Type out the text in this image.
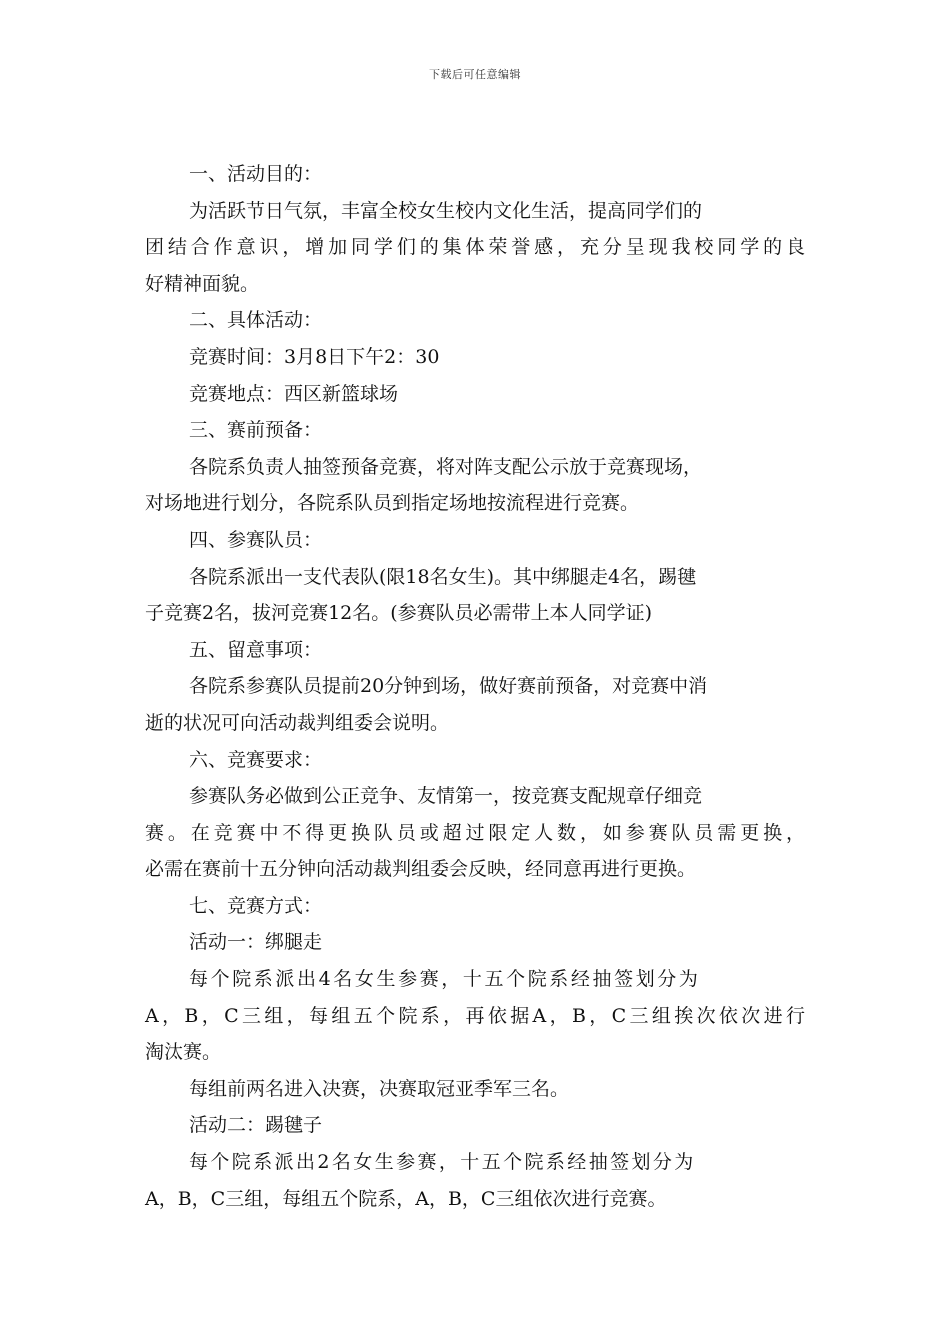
下载后可任意编辑
一、活动目的：
为活跃节日气氛，丰富全校女生校内文化生活，提高同学们的
团结合作意识，增加同学们的集体荣誉感，充分呈现我校同学的良
好精神面貌。
二、具体活动：
竞赛时间：3月8日下午2：30
竞赛地点：西区新篮球场
三、赛前预备：
各院系负责人抽签预备竞赛，将对阵支配公示放于竞赛现场，
对场地进行划分，各院系队员到指定场地按流程进行竞赛。
四、参赛队员：
各院系派出一支代表队(限18名女生)。其中绑腿走4名，踢毽
子竞赛2名，拔河竞赛12名。(参赛队员必需带上本人同学证)
五、留意事项：
各院系参赛队员提前20分钟到场，做好赛前预备，对竞赛中消
逝的状况可向活动裁判组委会说明。
六、竞赛要求：
参赛队务必做到公正竞争、友情第一，按竞赛支配规章仔细竞
赛。在竞赛中不得更换队员或超过限定人数，如参赛队员需更换，
必需在赛前十五分钟向活动裁判组委会反映，经同意再进行更换。
七、竞赛方式：
活动一：绑腿走
每个院系派出4名女生参赛，十五个院系经抽签划分为
A，B，C三组，每组五个院系，再依据A，B，C三组挨次依次进行
淘汰赛。
每组前两名进入决赛，决赛取冠亚季军三名。
活动二：踢毽子
每个院系派出2名女生参赛，十五个院系经抽签划分为
A，B，C三组，每组五个院系，A，B，C三组依次进行竞赛。
